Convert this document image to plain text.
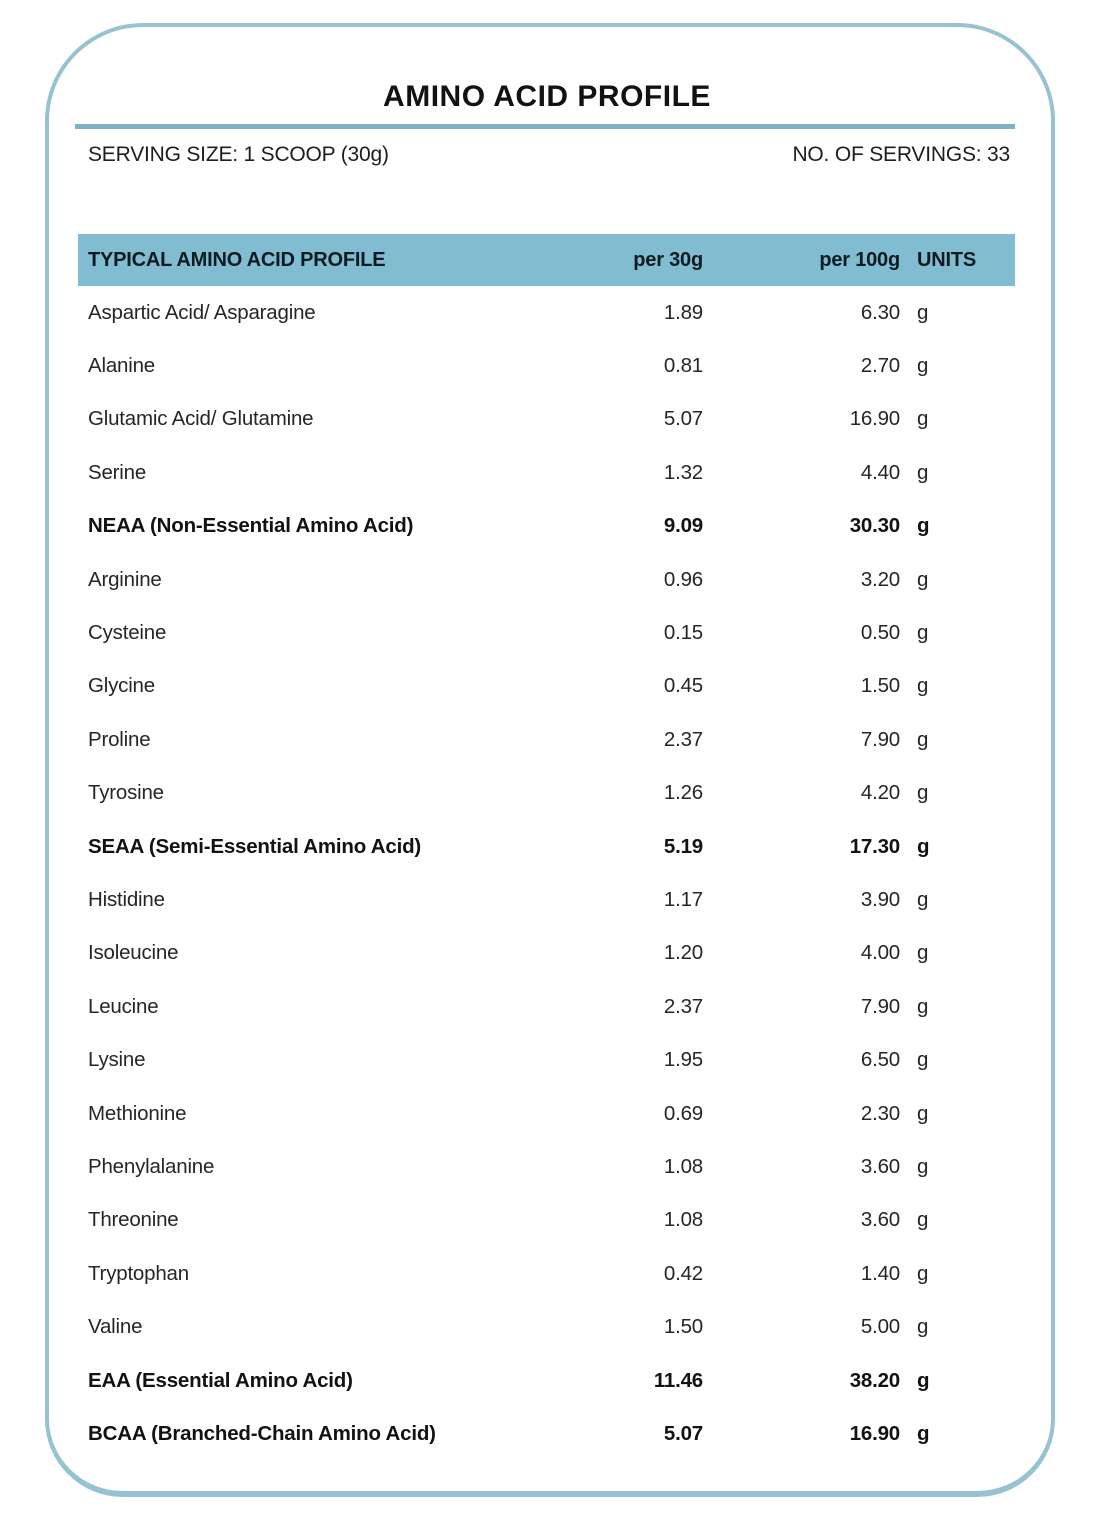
AMINO ACID PROFILE
SERVING SIZE: 1 SCOOP (30g)	NO. OF SERVINGS: 33
TYPICAL AMINO ACID PROFILE	per 30g	per 100g UNITS
Aspartic Acid/ Asparagine	1.89	6.30 g
Alanine	0.81	2.70 g
Glutamic Acid/ Glutamine	5.07	16.90 g
Serine	1.32	4.40 g
NEAA (Non-Essential Amino Acid)	9.09	30.30 g
Arginine	0.96	3.20 g
Cysteine	0.15	0.50 g
Glycine	0.45	1.50 g
Proline	2.37	7.90 g
Tyrosine	1.26	4.20 g
SEAA (Semi-Essential Amino Acid)	5.19	17.30 g
Histidine	1.17	3.90 g
Isoleucine	1.20	4.00 g
Leucine	2.37	7.90 g
Lysine	1.95	6.50 g
Methionine	0.69	2.30 g
Phenylalanine	1.08	3.60 g
Threonine	1.08	3.60 g
Tryptophan	0.42	1.40 g
Valine	1.50	5.00 g
EAA (Essential Amino Acid)	11.46	38.20 g
BCAA (Branched-Chain Amino Acid)	5.07	16.90 g
